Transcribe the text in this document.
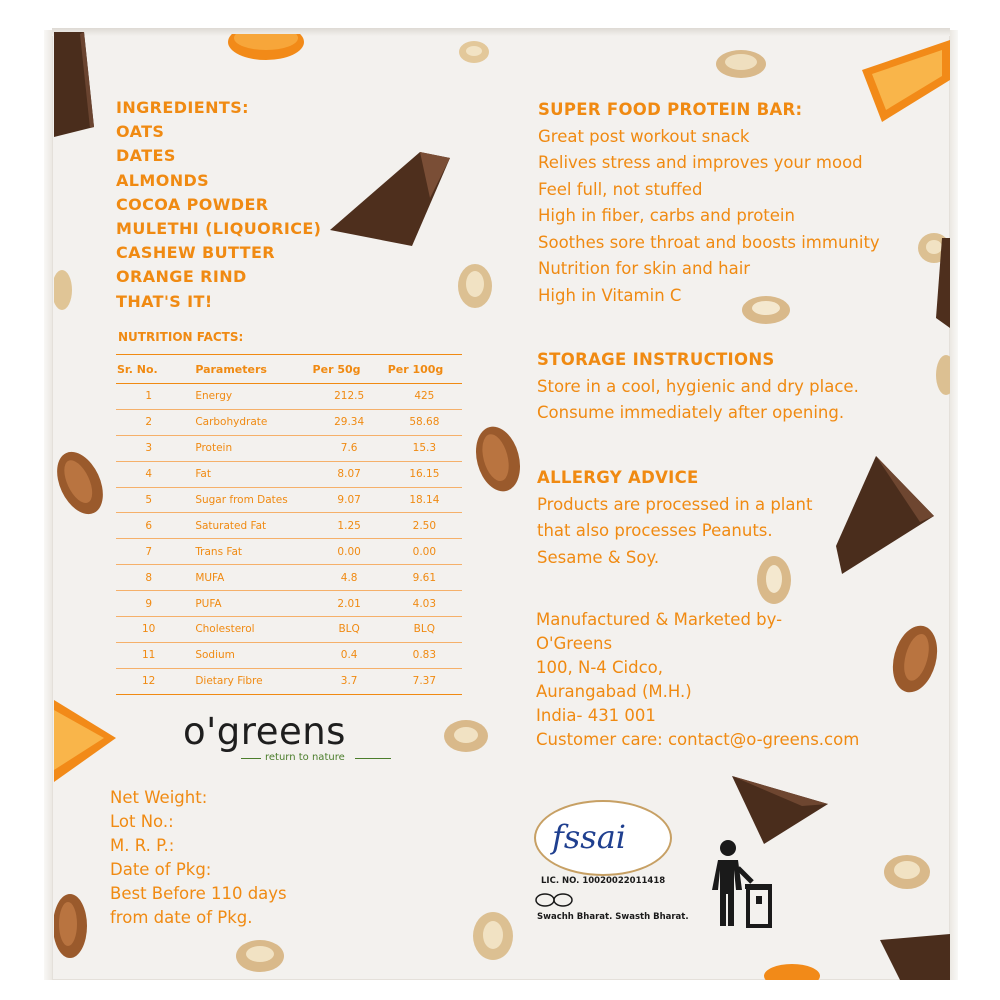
INGREDIENTS:
OATS
DATES
ALMONDS
COCOA POWDER
MULETHI (LIQUORICE)
CASHEW BUTTER
ORANGE RIND
THAT'S IT!
NUTRITION FACTS:
Sr. No.	Parameters	Per 50g	Per 100g
1	Energy	212.5	425
2	Carbohydrate	29.34	58.68
3	Protein	7.6	15.3
4	Fat	8.07	16.15
5	Sugar from Dates	9.07	18.14
6	Saturated Fat	1.25	2.50
7	Trans Fat	0.00	0.00
8	MUFA	4.8	9.61
9	PUFA	2.01	4.03
10	Cholesterol	BLQ	BLQ
11	Sodium	0.4	0.83
12	Dietary Fibre	3.7	7.37
o'greens
return to nature
Net Weight:
Lot No.:
M. R. P.:
Date of Pkg:
Best Before 110 days
from date of Pkg.
SUPER FOOD PROTEIN BAR:
Great post workout snack
Relives stress and improves your mood
Feel full, not stuffed
High in fiber, carbs and protein
Soothes sore throat and boosts immunity
Nutrition for skin and hair
High in Vitamin C
STORAGE INSTRUCTIONS
Store in a cool, hygienic and dry place.
Consume immediately after opening.
ALLERGY ADVICE
Products are processed in a plant
that also processes Peanuts.
Sesame & Soy.
Manufactured & Marketed by-
O'Greens
100, N-4 Cidco,
Aurangabad (M.H.)
India- 431 001
Customer care: contact@o-greens.com
fssai
LIC. NO. 10020022011418
Swachh Bharat. Swasth Bharat.
